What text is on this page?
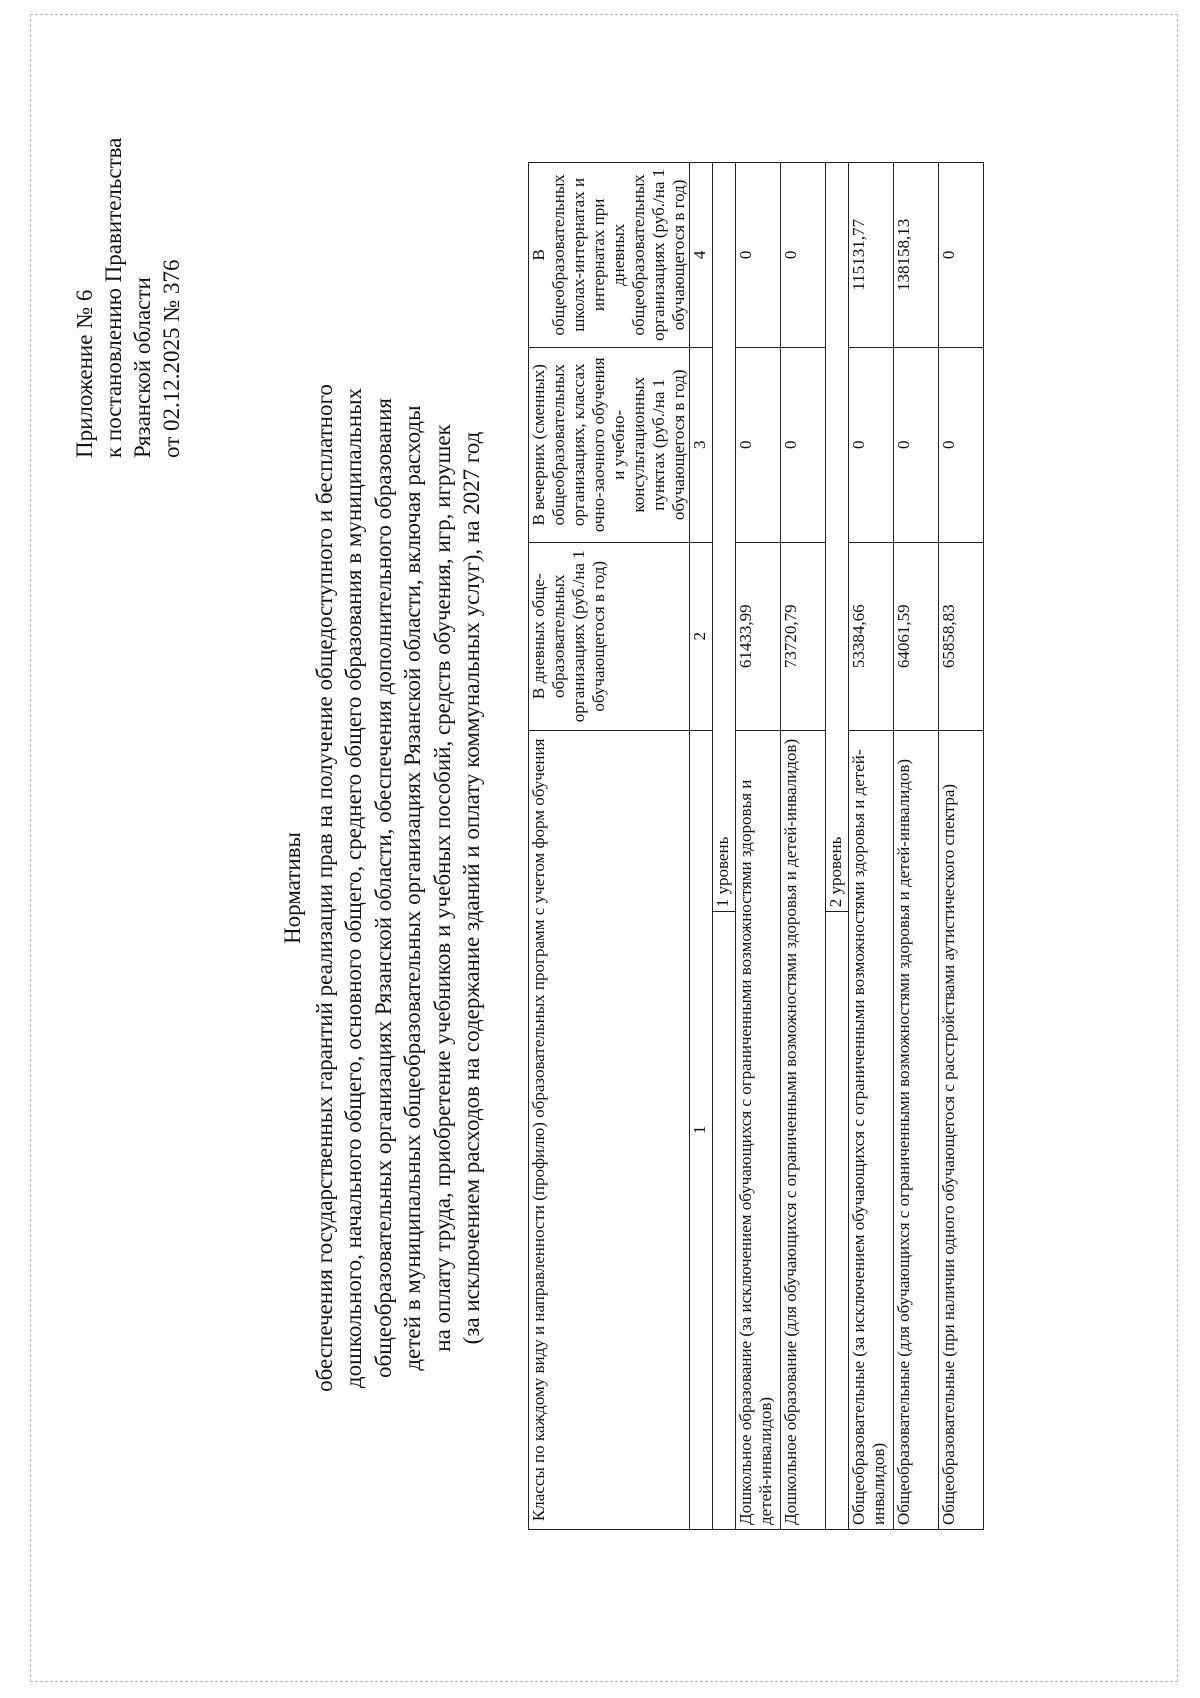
Приложение № 6 к постановлению Правительства Рязанской области от 02.12.2025 № 376
Нормативы обеспечения государственных гарантий реализации прав на получение общедоступного и бесплатного дошкольного, начального общего, основного общего, среднего общего образования в муниципальных общеобразовательных организациях Рязанской области, обеспечения дополнительного образования детей в муниципальных общеобразовательных организациях Рязанской области, включая расходы на оплату труда, приобретение учебников и учебных пособий, средств обучения, игр, игрушек (за исключением расходов на содержание зданий и оплату коммунальных услуг), на 2027 год	Классы по каждому виду и направленности (профилю) образовательных программ с учетом форм обучения		В дневных обще-образовательных организациях (руб./на 1 обучающегося в год)	В вечерних (сменных) общеобразовательных организациях, классах очно-заочного обучения и учебно-консультационных пунктах (руб./на 1 обучающегося в год)	В общеобразовательных школах-интернатах и интернатах при дневных общеобразовательных организациях (руб./на 1 обучающегося в год)
1		2	3	4
	1 уровень			
Дошкольное образование (за исключением обучающихся с ограниченными возможностями здоровья и детей-инвалидов)		61433,99	0	0
Дошкольное образование (для обучающихся с ограниченными возможностями здоровья и детей-инвалидов)		73720,79	0	0
	2 уровень			
Общеобразовательные (за исключением обучающихся с ограниченными возможностями здоровья и детей-инвалидов)		53384,66	0	115131,77
Общеобразовательные (для обучающихся с ограниченными возможностями здоровья и детей-инвалидов)		64061,59	0	138158,13
Общеобразовательные (при наличии одного обучающегося с расстройствами аутистического спектра)		65858,83	0	0
